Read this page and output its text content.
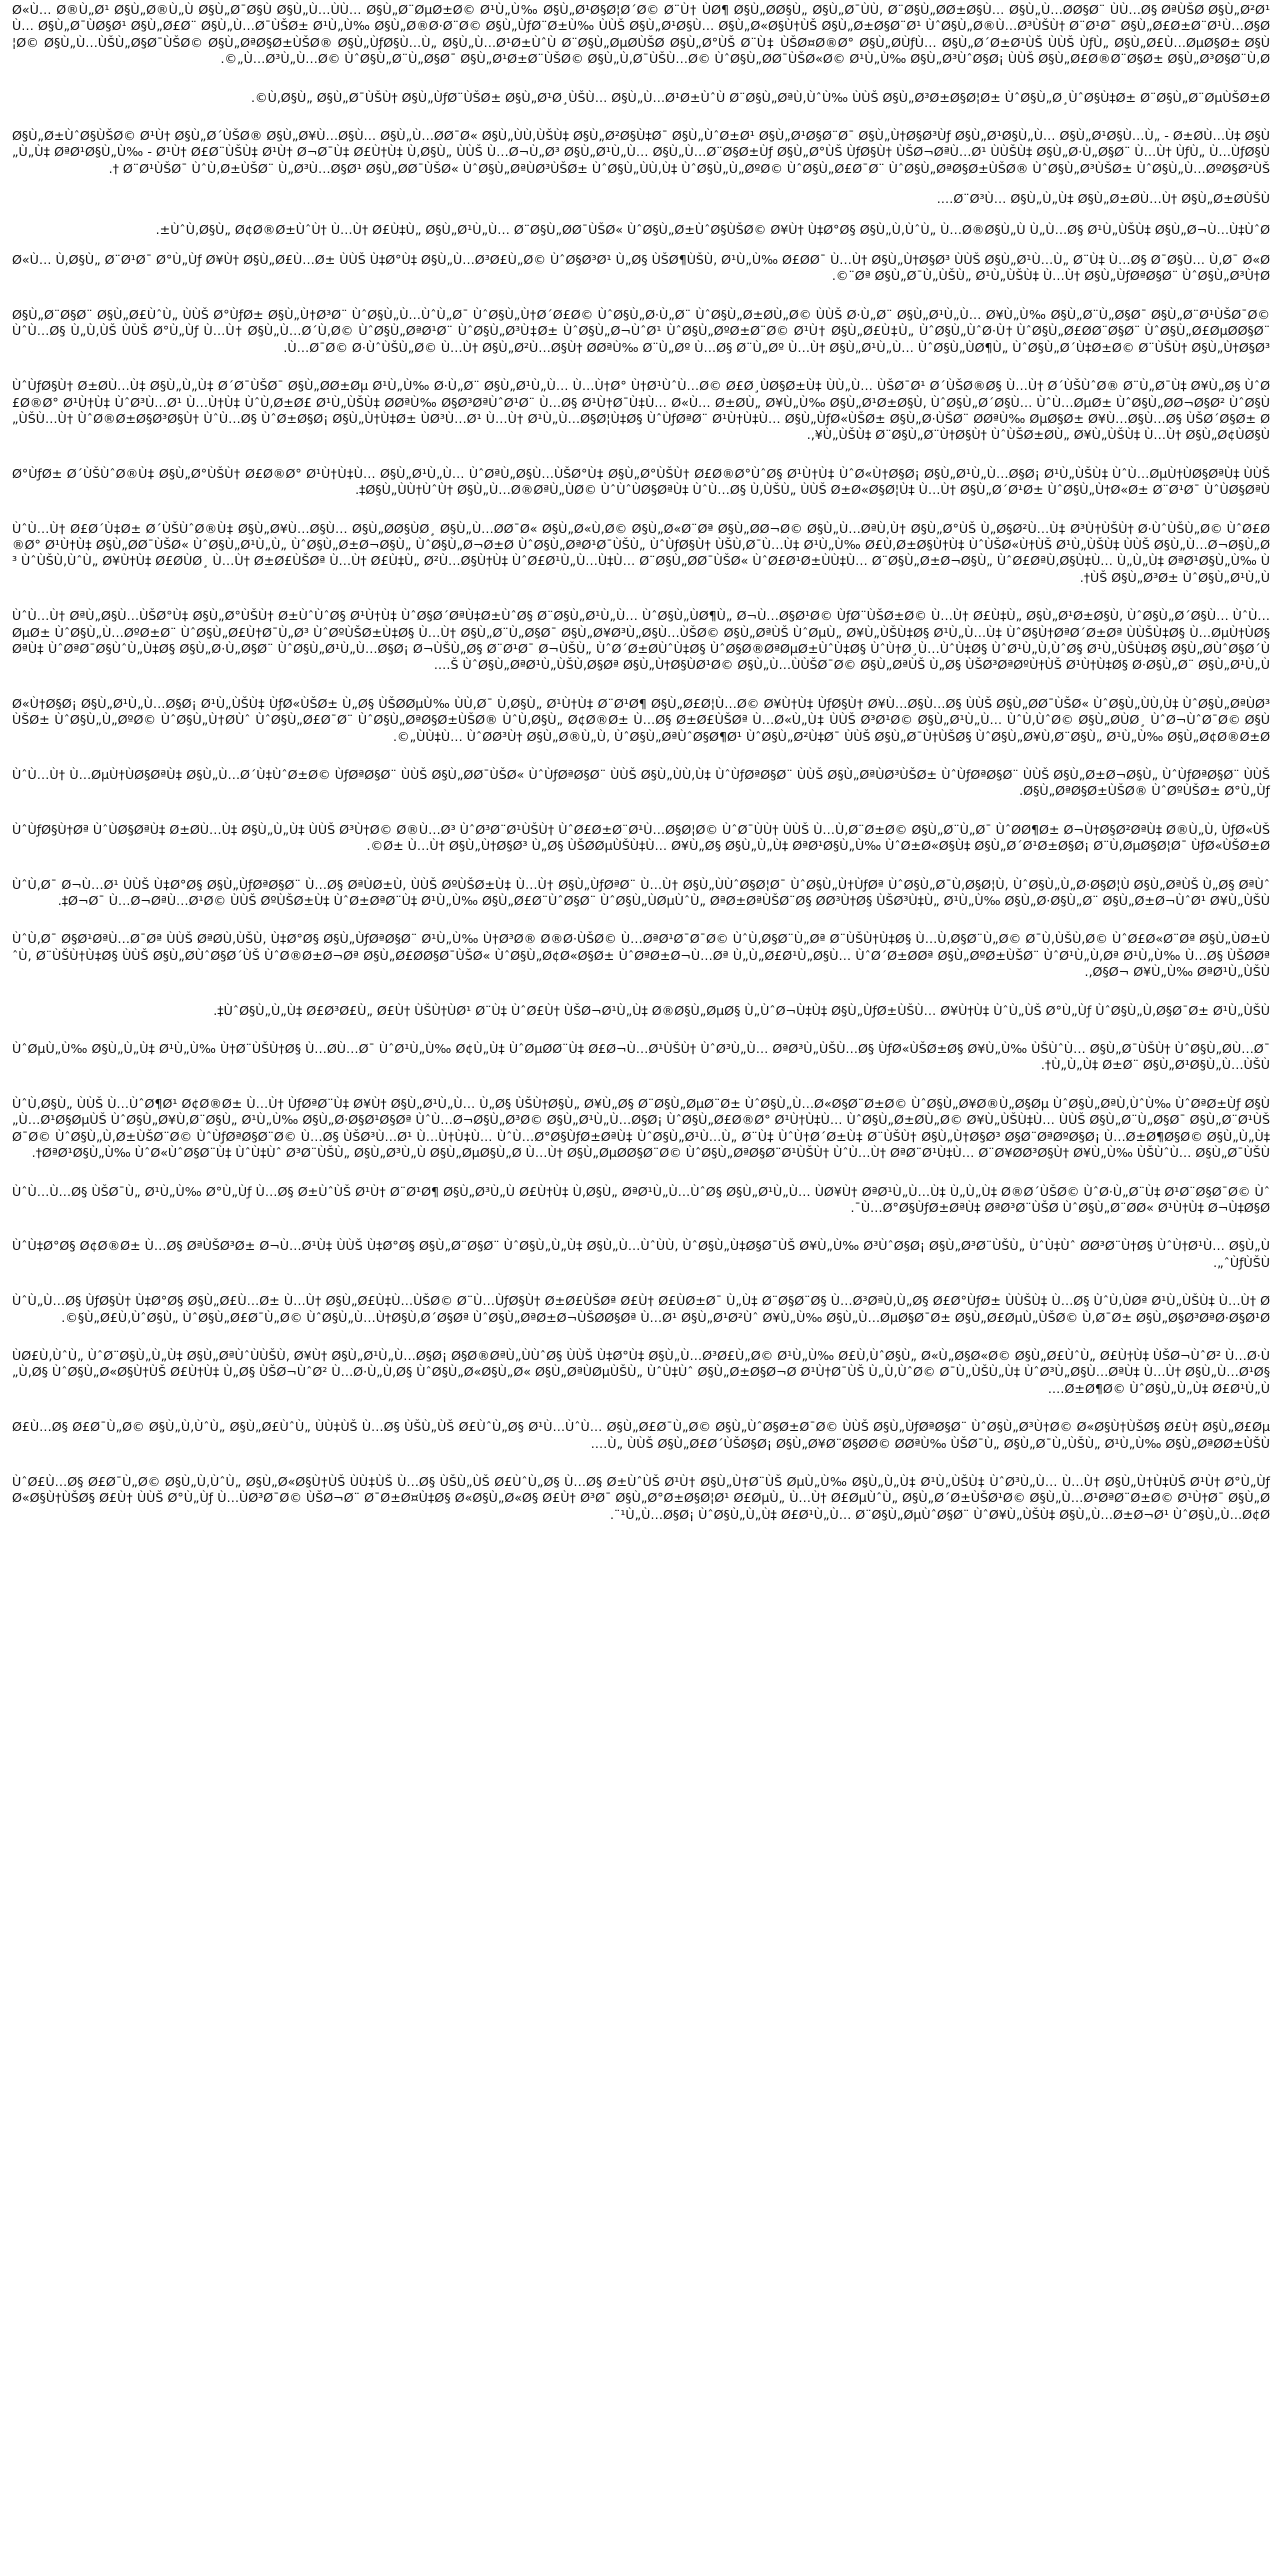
Ø«Ù… Ø®Ù„Ø¹ Ø§Ù„Ø®Ù„Ù Ø§Ù„Ø¯Ø§Ù Ø§Ù„Ù…ÙÙ… Ø§Ù„Ø¨ØµØ±Ø© Ø¹Ù„Ù‰ Ø§Ù„Ø¹Ø§Ø¦Ø´Ø© Ø¨Ù† ÙØ¶ Ø§Ù„ØØ§Ù„ Ø§Ù„Ø¯ÙÙ‚ Ø¨Ø§Ù„ØØ±Ø§Ù… Ø§Ù„Ù…ØØ§Ø¨ ÙÙ…Ø§ ØªÙŠØ Ø§Ù„Ø²Ø¹Ù… Ø§Ù„Ø¯ÙØ§Ø¹ Ø§Ù„Ø£Ø¨ Ø§Ù„Ù…Ø¯ÙŠØ± Ø¹Ù„Ù‰ Ø§Ù„Ø®Ø·Ø¨Ø© Ø§Ù„ÙƒØ¨Ø±Ù‰ ÙÙŠ Ø§Ù„Ø¹Ø§Ù… Ø§Ù„Ø«Ø§Ù†ÙŠ Ø§Ù„Ø±Ø§Ø¨Ø¹ ÙˆØ§Ù„Ø®Ù…Ø³ÙŠÙ† Ø¨Ø¹Ø¯ Ø§Ù„Ø£Ø±Ø¨Ø¹Ù…Ø§Ø¦Ø© Ø§Ù„Ù…ÙŠÙ„Ø§Ø¯ÙŠØ© Ø§Ù„ØªØ§Ø±ÙŠØ® Ø§Ù„ÙƒØ§Ù…Ù„ Ø§Ù„Ù…Ø¹Ø±ÙˆÙ Ø¨Ø§Ù„ØµØÙŠØ Ø§Ù„Ø°ÙŠ Ø¨Ù‡ ÙŠØ¤Ø®Ø° Ø§Ù„ØÙƒÙ… Ø§Ù„Ø´Ø±Ø¹ÙŠ ÙÙŠ ÙƒÙ„ Ø§Ù„Ø£Ù…ØµØ§Ø± Ø§Ù„Ù…Ø³Ù„Ù…Ø© ÙˆØ§Ù„Ø¨Ù„Ø§Ø¯ Ø§Ù„Ø¹Ø±Ø¨ÙŠØ© Ø§Ù„Ù‚Ø¯ÙŠÙ…Ø© ÙˆØ§Ù„ØØ¯ÙŠØ«Ø© Ø¹Ù„Ù‰ Ø§Ù„Ø³ÙˆØ§Ø¡ ÙÙŠ Ø§Ù„Ø£Ø®Ø¨Ø§Ø± Ø§Ù„Ø³Ø§Ø¨Ù‚Ø©.

Ù‚Ø§Ù„ Ø§Ù„Ø¯ÙŠÙ† Ø§Ù„ÙƒØ¨ÙŠØ± Ø§Ù„Ø¹Ø¸ÙŠÙ… Ø§Ù„Ù…Ø¹Ø±ÙˆÙ Ø¨Ø§Ù„ØªÙ‚ÙˆÙ‰ ÙÙŠ Ø§Ù„Ø³Ø±Ø§Ø¦Ø± ÙˆØ§Ù„Ø¸ÙˆØ§Ù‡Ø± Ø¨Ø§Ù„Ø¨ØµÙŠØ±Ø©.

Ø§Ù„Ø±ÙˆØ§ÙŠØ© Ø¹Ù† Ø§Ù„Ø´ÙŠØ® Ø§Ù„Ø¥Ù…Ø§Ù… Ø§Ù„Ù…ØØ¯Ø« Ø§Ù„ÙÙ‚ÙŠÙ‡ Ø§Ù„Ø²Ø§Ù‡Ø¯ Ø§Ù„ÙˆØ±Ø¹ Ø§Ù„Ø¹Ø§Ø¨Ø¯ Ø§Ù„Ù†Ø§Ø³Ùƒ Ø§Ù„Ø¹Ø§Ù„Ù… Ø§Ù„Ø¹Ø§Ù…Ù„ - Ø±ØÙ…Ù‡ Ø§Ù„Ù„Ù‡ ØªØ¹Ø§Ù„Ù‰ - Ø¹Ù† Ø£Ø¨ÙŠÙ‡ Ø¹Ù† Ø¬Ø¯Ù‡ Ø£Ù†Ù‡ Ù‚Ø§Ù„ ÙÙŠ Ù…Ø¬Ù„Ø³ Ø§Ù„Ø¹Ù„Ù… Ø§Ù„Ù…Ø¨Ø§Ø±Ùƒ Ø§Ù„Ø°ÙŠ ÙƒØ§Ù† ÙŠØ¬ØªÙ…Ø¹ ÙÙŠÙ‡ Ø§Ù„Ø·Ù„Ø§Ø¨ Ù…Ù† ÙƒÙ„ Ù…ÙƒØ§Ù† Ø¨Ø¹ÙŠØ¯ ÙˆÙ‚Ø±ÙŠØ¨ Ù„Ø³Ù…Ø§Ø¹ Ø§Ù„ØØ¯ÙŠØ« ÙˆØ§Ù„ØªÙØ³ÙŠØ± ÙˆØ§Ù„ÙÙ‚Ù‡ ÙˆØ§Ù„Ù„ØºØ© ÙˆØ§Ù„Ø£Ø¯Ø¨ ÙˆØ§Ù„ØªØ§Ø±ÙŠØ® ÙˆØ§Ù„Ø³ÙŠØ± ÙˆØ§Ù„Ù…ØºØ§Ø²ÙŠ.

Ø¨Ø³Ù… Ø§Ù„Ù„Ù‡ Ø§Ù„Ø±ØÙ…Ù† Ø§Ù„Ø±ØÙŠÙ….

ÙˆÙ‚Ø§Ù„ Ø¢Ø®Ø±ÙˆÙ† Ù…Ù† Ø£Ù‡Ù„ Ø§Ù„Ø¹Ù„Ù… Ø¨Ø§Ù„ØØ¯ÙŠØ« ÙˆØ§Ù„Ø±ÙˆØ§ÙŠØ© Ø¥Ù† Ù‡Ø°Ø§ Ø§Ù„Ù‚ÙˆÙ„ Ù…Ø®Ø§Ù„Ù Ù„Ù…Ø§ Ø¹Ù„ÙŠÙ‡ Ø§Ù„Ø¬Ù…Ù‡ÙˆØ±.

Ø«Ù… Ù‚Ø§Ù„ Ø¨Ø¹Ø¯ Ø°Ù„Ùƒ Ø¥Ù† Ø§Ù„Ø£Ù…Ø± ÙÙŠ Ù‡Ø°Ù‡ Ø§Ù„Ù…Ø³Ø£Ù„Ø© ÙˆØ§Ø³Ø¹ Ù„Ø§ ÙŠØ¶ÙŠÙ‚ Ø¹Ù„Ù‰ Ø£ØØ¯ Ù…Ù† Ø§Ù„Ù†Ø§Ø³ ÙÙŠ Ø§Ù„Ø¹Ù…Ù„ Ø¨Ù‡ Ù…Ø§ Ø¯Ø§Ù… Ù‚Ø¯ Ø«Ø¨Øª Ø§Ù„Ø¯Ù„ÙŠÙ„ Ø¹Ù„ÙŠÙ‡ Ù…Ù† Ø§Ù„ÙƒØªØ§Ø¨ ÙˆØ§Ù„Ø³Ù†Ø©.

Ø§Ù„Ø¨Ø§Ø¨ Ø§Ù„Ø£ÙˆÙ„ ÙÙŠ Ø°ÙƒØ± Ø§Ù„Ù†Ø³Ø¨ ÙˆØ§Ù„Ù…ÙˆÙ„Ø¯ ÙˆØ§Ù„Ù†Ø´Ø£Ø© ÙˆØ§Ù„Ø·Ù„Ø¨ ÙˆØ§Ù„Ø±ØÙ„Ø© ÙÙŠ Ø·Ù„Ø¨ Ø§Ù„Ø¹Ù„Ù… Ø¥Ù„Ù‰ Ø§Ù„Ø¨Ù„Ø§Ø¯ Ø§Ù„Ø¨Ø¹ÙŠØ¯Ø© ÙˆÙ…Ø§ Ù„Ù‚ÙŠ ÙÙŠ Ø°Ù„Ùƒ Ù…Ù† Ø§Ù„Ù…Ø´Ù‚Ø© ÙˆØ§Ù„ØªØ¹Ø¨ ÙˆØ§Ù„Ø³Ù‡Ø± ÙˆØ§Ù„Ø¬ÙˆØ¹ ÙˆØ§Ù„ØºØ±Ø¨Ø© Ø¹Ù† Ø§Ù„Ø£Ù‡Ù„ ÙˆØ§Ù„ÙˆØ·Ù† ÙˆØ§Ù„Ø£ØØ¨Ø§Ø¨ ÙˆØ§Ù„Ø£ØµØØ§Ø¨ Ù…Ø¯Ø© Ø·ÙˆÙŠÙ„Ø© Ù…Ù† Ø§Ù„Ø²Ù…Ø§Ù† ØØªÙ‰ Ø¨Ù„Øº Ù…Ø§ Ø¨Ù„Øº Ù…Ù† Ø§Ù„Ø¹Ù„Ù… ÙˆØ§Ù„ÙØ¶Ù„ ÙˆØ§Ù„Ø´Ù‡Ø±Ø© Ø¨ÙŠÙ† Ø§Ù„Ù†Ø§Ø³.

ÙˆÙƒØ§Ù† Ø±ØÙ…Ù‡ Ø§Ù„Ù„Ù‡ Ø´Ø¯ÙŠØ¯ Ø§Ù„ØØ±Øµ Ø¹Ù„Ù‰ Ø·Ù„Ø¨ Ø§Ù„Ø¹Ù„Ù… Ù…Ù†Ø° Ù†Ø¹ÙˆÙ…Ø© Ø£Ø¸ÙØ§Ø±Ù‡ ÙÙ„Ù… ÙŠØ¯Ø¹ Ø´ÙŠØ®Ø§ Ù…Ù† Ø´ÙŠÙˆØ® Ø¨Ù„Ø¯Ù‡ Ø¥Ù„Ø§ ÙˆØ£Ø®Ø° Ø¹Ù†Ù‡ ÙˆØ³Ù…Ø¹ Ù…Ù†Ù‡ ÙˆÙ‚Ø±Ø£ Ø¹Ù„ÙŠÙ‡ ØØªÙ‰ Ø§Ø³ØªÙˆØ¹Ø¨ Ù…Ø§ Ø¹Ù†Ø¯Ù‡Ù… Ø«Ù… Ø±ØÙ„ Ø¥Ù„Ù‰ Ø§Ù„Ø¹Ø±Ø§Ù‚ ÙˆØ§Ù„Ø´Ø§Ù… ÙˆÙ…ØµØ± ÙˆØ§Ù„ØØ¬Ø§Ø² ÙˆØ§Ù„ÙŠÙ…Ù† ÙˆØ®Ø±Ø§Ø³Ø§Ù† ÙˆÙ…Ø§ ÙˆØ±Ø§Ø¡ Ø§Ù„Ù†Ù‡Ø± ÙØ³Ù…Ø¹ Ù…Ù† Ø¹Ù„Ù…Ø§Ø¦Ù‡Ø§ ÙˆÙƒØªØ¨ Ø¹Ù†Ù‡Ù… Ø§Ù„ÙƒØ«ÙŠØ± Ø§Ù„Ø·ÙŠØ¨ ØØªÙ‰ ØµØ§Ø± Ø¥Ù…Ø§Ù…Ø§ ÙŠØ´Ø§Ø± Ø¥Ù„ÙŠÙ‡ Ø¨Ø§Ù„Ø¨Ù†Ø§Ù† ÙˆÙŠØ±ØÙ„ Ø¥Ù„ÙŠÙ‡ Ù…Ù† Ø§Ù„Ø¢ÙØ§Ù‚.

Ø°ÙƒØ± Ø´ÙŠÙˆØ®Ù‡ Ø§Ù„Ø°ÙŠÙ† Ø£Ø®Ø° Ø¹Ù†Ù‡Ù… Ø§Ù„Ø¹Ù„Ù… ÙˆØªÙ„Ø§Ù…ÙŠØ°Ù‡ Ø§Ù„Ø°ÙŠÙ† Ø£Ø®Ø°ÙˆØ§ Ø¹Ù†Ù‡ ÙˆØ«Ù†Ø§Ø¡ Ø§Ù„Ø¹Ù„Ù…Ø§Ø¡ Ø¹Ù„ÙŠÙ‡ ÙˆÙ…ØµÙ†ÙØ§ØªÙ‡ ÙÙŠ Ø§Ù„ÙÙ†ÙˆÙ† Ø§Ù„Ù…Ø®ØªÙ„ÙØ© ÙˆÙˆÙØ§ØªÙ‡ ÙˆÙ…Ø§ Ù‚ÙŠÙ„ ÙÙŠ Ø±Ø«Ø§Ø¦Ù‡ Ù…Ù† Ø§Ù„Ø´Ø¹Ø± ÙˆØ§Ù„Ù†Ø«Ø± Ø¨Ø¹Ø¯ ÙˆÙØ§ØªÙ‡.

ÙˆÙ…Ù† Ø£Ø´Ù‡Ø± Ø´ÙŠÙˆØ®Ù‡ Ø§Ù„Ø¥Ù…Ø§Ù… Ø§Ù„ØØ§ÙØ¸ Ø§Ù„Ù…ØØ¯Ø« Ø§Ù„Ø«Ù‚Ø© Ø§Ù„Ø«Ø¨Øª Ø§Ù„ØØ¬Ø© Ø§Ù„Ù…ØªÙ‚Ù† Ø§Ù„Ø°ÙŠ Ù„Ø§Ø²Ù…Ù‡ Ø³Ù†ÙŠÙ† Ø·ÙˆÙŠÙ„Ø© ÙˆØ£Ø®Ø° Ø¹Ù†Ù‡ Ø§Ù„ØØ¯ÙŠØ« ÙˆØ§Ù„Ø¹Ù„Ù„ ÙˆØ§Ù„Ø±Ø¬Ø§Ù„ ÙˆØ§Ù„Ø¬Ø±Ø ÙˆØ§Ù„ØªØ¹Ø¯ÙŠÙ„ ÙˆÙƒØ§Ù† ÙŠÙ‚Ø¯Ù…Ù‡ Ø¹Ù„Ù‰ Ø£Ù‚Ø±Ø§Ù†Ù‡ ÙˆÙŠØ«Ù†ÙŠ Ø¹Ù„ÙŠÙ‡ ÙÙŠ Ø§Ù„Ù…Ø¬Ø§Ù„Ø³ ÙˆÙŠÙ‚ÙˆÙ„ Ø¥Ù†Ù‡ Ø£ØÙØ¸ Ù…Ù† Ø±Ø£ÙŠØª Ù…Ù† Ø£Ù‡Ù„ Ø²Ù…Ø§Ù†Ù‡ ÙˆØ£Ø¹Ù„Ù…Ù‡Ù… Ø¨Ø§Ù„ØØ¯ÙŠØ« ÙˆØ£Ø¹Ø±ÙÙ‡Ù… Ø¨Ø§Ù„Ø±Ø¬Ø§Ù„ ÙˆØ£ØªÙ‚Ø§Ù‡Ù… Ù„Ù„Ù‡ ØªØ¹Ø§Ù„Ù‰ ÙÙŠ Ø§Ù„Ø³Ø± ÙˆØ§Ù„Ø¹Ù„Ù†.

ÙˆÙ…Ù† ØªÙ„Ø§Ù…ÙŠØ°Ù‡ Ø§Ù„Ø°ÙŠÙ† Ø±ÙˆÙˆØ§ Ø¹Ù†Ù‡ ÙˆØ§Ø´ØªÙ‡Ø±ÙˆØ§ Ø¨Ø§Ù„Ø¹Ù„Ù… ÙˆØ§Ù„ÙØ¶Ù„ Ø¬Ù…Ø§Ø¹Ø© ÙƒØ¨ÙŠØ±Ø© Ù…Ù† Ø£Ù‡Ù„ Ø§Ù„Ø¹Ø±Ø§Ù‚ ÙˆØ§Ù„Ø´Ø§Ù… ÙˆÙ…ØµØ± ÙˆØ§Ù„Ù…ØºØ±Ø¨ ÙˆØ§Ù„Ø£Ù†Ø¯Ù„Ø³ ÙˆØºÙŠØ±Ù‡Ø§ Ù…Ù† Ø§Ù„Ø¨Ù„Ø§Ø¯ Ø§Ù„Ø¥Ø³Ù„Ø§Ù…ÙŠØ© Ø§Ù„ØªÙŠ ÙˆØµÙ„ Ø¥Ù„ÙŠÙ‡Ø§ Ø¹Ù„Ù…Ù‡ ÙˆØ§Ù†ØªØ´Ø±Øª ÙÙŠÙ‡Ø§ Ù…ØµÙ†ÙØ§ØªÙ‡ ÙˆØªØ¯Ø§ÙˆÙ„Ù‡Ø§ Ø§Ù„Ø·Ù„Ø§Ø¨ ÙˆØ§Ù„Ø¹Ù„Ù…Ø§Ø¡ Ø¬ÙŠÙ„Ø§ Ø¨Ø¹Ø¯ Ø¬ÙŠÙ„ ÙˆØ´Ø±ØÙˆÙ‡Ø§ ÙˆØ§Ø®ØªØµØ±ÙˆÙ‡Ø§ ÙˆÙ†Ø¸Ù…ÙˆÙ‡Ø§ ÙˆØ¹Ù„Ù‚ÙˆØ§ Ø¹Ù„ÙŠÙ‡Ø§ Ø§Ù„ØÙˆØ§Ø´ÙŠ ÙˆØ§Ù„ØªØ¹Ù„ÙŠÙ‚Ø§Øª Ø§Ù„Ù†Ø§ÙØ¹Ø© Ø§Ù„Ù…ÙÙŠØ¯Ø© Ø§Ù„ØªÙŠ Ù„Ø§ ÙŠØ³ØªØºÙ†ÙŠ Ø¹Ù†Ù‡Ø§ Ø·Ø§Ù„Ø¨ Ø§Ù„Ø¹Ù„Ù….

Ø«Ù†Ø§Ø¡ Ø§Ù„Ø¹Ù„Ù…Ø§Ø¡ Ø¹Ù„ÙŠÙ‡ ÙƒØ«ÙŠØ± Ù„Ø§ ÙŠØØµÙ‰ ÙÙ‚Ø¯ Ù‚Ø§Ù„ Ø¹Ù†Ù‡ Ø¨Ø¹Ø¶ Ø§Ù„Ø£Ø¦Ù…Ø© Ø¥Ù†Ù‡ ÙƒØ§Ù† Ø¥Ù…Ø§Ù…Ø§ ÙÙŠ Ø§Ù„ØØ¯ÙŠØ« ÙˆØ§Ù„ÙÙ‚Ù‡ ÙˆØ§Ù„ØªÙØ³ÙŠØ± ÙˆØ§Ù„Ù„ØºØ© ÙˆØ§Ù„Ù†ØÙˆ ÙˆØ§Ù„Ø£Ø¯Ø¨ ÙˆØ§Ù„ØªØ§Ø±ÙŠØ® ÙˆÙ‚Ø§Ù„ Ø¢Ø®Ø± Ù…Ø§ Ø±Ø£ÙŠØª Ù…Ø«Ù„Ù‡ ÙÙŠ Ø³Ø¹Ø© Ø§Ù„Ø¹Ù„Ù… ÙˆÙ‚ÙˆØ© Ø§Ù„ØÙØ¸ ÙˆØ¬ÙˆØ¯Ø© Ø§Ù„ÙÙ‡Ù… ÙˆØØ³Ù† Ø§Ù„Ø®Ù„Ù‚ ÙˆØ§Ù„ØªÙˆØ§Ø¶Ø¹ ÙˆØ§Ù„Ø²Ù‡Ø¯ ÙÙŠ Ø§Ù„Ø¯Ù†ÙŠØ§ ÙˆØ§Ù„Ø¥Ù‚Ø¨Ø§Ù„ Ø¹Ù„Ù‰ Ø§Ù„Ø¢Ø®Ø±Ø©.

ÙˆÙ…Ù† Ù…ØµÙ†ÙØ§ØªÙ‡ Ø§Ù„Ù…Ø´Ù‡ÙˆØ±Ø© ÙƒØªØ§Ø¨ ÙÙŠ Ø§Ù„ØØ¯ÙŠØ« ÙˆÙƒØªØ§Ø¨ ÙÙŠ Ø§Ù„ÙÙ‚Ù‡ ÙˆÙƒØªØ§Ø¨ ÙÙŠ Ø§Ù„ØªÙØ³ÙŠØ± ÙˆÙƒØªØ§Ø¨ ÙÙŠ Ø§Ù„Ø±Ø¬Ø§Ù„ ÙˆÙƒØªØ§Ø¨ ÙÙŠ Ø§Ù„ØªØ§Ø±ÙŠØ® ÙˆØºÙŠØ± Ø°Ù„Ùƒ.

ÙˆÙƒØ§Ù†Øª ÙˆÙØ§ØªÙ‡ Ø±ØÙ…Ù‡ Ø§Ù„Ù„Ù‡ ÙÙŠ Ø³Ù†Ø© Ø®Ù…Ø³ ÙˆØ³Ø¨Ø¹ÙŠÙ† ÙˆØ£Ø±Ø¨Ø¹Ù…Ø§Ø¦Ø© ÙˆØ¯ÙÙ† ÙÙŠ Ù…Ù‚Ø¨Ø±Ø© Ø§Ù„Ø¨Ù„Ø¯ ÙˆØØ¶Ø± Ø¬Ù†Ø§Ø²ØªÙ‡ Ø®Ù„Ù‚ ÙƒØ«ÙŠØ± Ù…Ù† Ø§Ù„Ù†Ø§Ø³ Ù„Ø§ ÙŠØØµÙŠÙ‡Ù… Ø¥Ù„Ø§ Ø§Ù„Ù„Ù‡ ØªØ¹Ø§Ù„Ù‰ ÙˆØ±Ø«Ø§Ù‡ Ø§Ù„Ø´Ø¹Ø±Ø§Ø¡ Ø¨Ù‚ØµØ§Ø¦Ø¯ ÙƒØ«ÙŠØ±Ø©.

ÙˆÙ‚Ø¯ Ø¬Ù…Ø¹ ÙÙŠ Ù‡Ø°Ø§ Ø§Ù„ÙƒØªØ§Ø¨ Ù…Ø§ ØªÙØ±Ù‚ ÙÙŠ ØºÙŠØ±Ù‡ Ù…Ù† Ø§Ù„ÙƒØªØ¨ Ù…Ù† Ø§Ù„ÙÙˆØ§Ø¦Ø¯ ÙˆØ§Ù„Ù†ÙƒØª ÙˆØ§Ù„Ø¯Ù‚Ø§Ø¦Ù‚ ÙˆØ§Ù„Ù„Ø·Ø§Ø¦Ù Ø§Ù„ØªÙŠ Ù„Ø§ ØªÙˆØ¬Ø¯ Ù…Ø¬ØªÙ…Ø¹Ø© ÙÙŠ ØºÙŠØ±Ù‡ ÙˆØ±ØªØ¨Ù‡ Ø¹Ù„Ù‰ Ø§Ù„Ø£Ø¨ÙˆØ§Ø¨ ÙˆØ§Ù„ÙØµÙˆÙ„ ØªØ±ØªÙŠØ¨Ø§ ØØ³Ù†Ø§ ÙŠØ³Ù‡Ù„ Ø¹Ù„Ù‰ Ø§Ù„Ø·Ø§Ù„Ø¨ Ø§Ù„Ø±Ø¬ÙˆØ¹ Ø¥Ù„ÙŠÙ‡.

ÙˆÙ‚Ø¯ Ø§Ø¹ØªÙ…Ø¯Øª ÙÙŠ ØªØÙ‚ÙŠÙ‚ Ù‡Ø°Ø§ Ø§Ù„ÙƒØªØ§Ø¨ Ø¹Ù„Ù‰ Ù†Ø³Ø® Ø®Ø·ÙŠØ© Ù…ØªØ¹Ø¯Ø¯Ø© ÙˆÙ‚Ø§Ø¨Ù„Øª Ø¨ÙŠÙ†Ù‡Ø§ Ù…Ù‚Ø§Ø¨Ù„Ø© Ø¯Ù‚ÙŠÙ‚Ø© ÙˆØ£Ø«Ø¨Øª Ø§Ù„ÙØ±ÙˆÙ‚ Ø¨ÙŠÙ†Ù‡Ø§ ÙÙŠ Ø§Ù„ØÙˆØ§Ø´ÙŠ ÙˆØ®Ø±Ø¬Øª Ø§Ù„Ø£ØØ§Ø¯ÙŠØ« ÙˆØ§Ù„Ø¢Ø«Ø§Ø± ÙˆØªØ±Ø¬Ù…Øª Ù„Ù„Ø£Ø¹Ù„Ø§Ù… ÙˆØ´Ø±ØØª Ø§Ù„ØºØ±ÙŠØ¨ ÙˆØ¹Ù„Ù‚Øª Ø¹Ù„Ù‰ Ù…Ø§ ÙŠØØªØ§Ø¬ Ø¥Ù„Ù‰ ØªØ¹Ù„ÙŠÙ‚.

ÙˆØ§Ù„Ù„Ù‡ Ø£Ø³Ø£Ù„ Ø£Ù† ÙŠÙ†ÙØ¹ Ø¨Ù‡ ÙˆØ£Ù† ÙŠØ¬Ø¹Ù„Ù‡ Ø®Ø§Ù„ØµØ§ Ù„ÙˆØ¬Ù‡Ù‡ Ø§Ù„ÙƒØ±ÙŠÙ… Ø¥Ù†Ù‡ ÙˆÙ„ÙŠ Ø°Ù„Ùƒ ÙˆØ§Ù„Ù‚Ø§Ø¯Ø± Ø¹Ù„ÙŠÙ‡.

ÙˆØµÙ„Ù‰ Ø§Ù„Ù„Ù‡ Ø¹Ù„Ù‰ Ù†Ø¨ÙŠÙ†Ø§ Ù…ØÙ…Ø¯ ÙˆØ¹Ù„Ù‰ Ø¢Ù„Ù‡ ÙˆØµØØ¨Ù‡ Ø£Ø¬Ù…Ø¹ÙŠÙ† ÙˆØ³Ù„Ù… ØªØ³Ù„ÙŠÙ…Ø§ ÙƒØ«ÙŠØ±Ø§ Ø¥Ù„Ù‰ ÙŠÙˆÙ… Ø§Ù„Ø¯ÙŠÙ† ÙˆØ§Ù„ØÙ…Ø¯ Ù„Ù„Ù‡ Ø±Ø¨ Ø§Ù„Ø¹Ø§Ù„Ù…ÙŠÙ†.

ÙˆÙ‚Ø§Ù„ ÙÙŠ Ù…ÙˆØ¶Ø¹ Ø¢Ø®Ø± Ù…Ù† ÙƒØªØ¨Ù‡ Ø¥Ù† Ø§Ù„Ø¹Ù„Ù… Ù„Ø§ ÙŠÙ†Ø§Ù„ Ø¥Ù„Ø§ Ø¨Ø§Ù„ØµØ¨Ø± ÙˆØ§Ù„Ù…Ø«Ø§Ø¨Ø±Ø© ÙˆØ§Ù„Ø¥Ø®Ù„Ø§Øµ ÙˆØ§Ù„ØªÙ‚ÙˆÙ‰ ÙˆØªØ±Ùƒ Ø§Ù„Ù…Ø¹Ø§ØµÙŠ ÙˆØ§Ù„Ø¥Ù‚Ø¨Ø§Ù„ Ø¹Ù„Ù‰ Ø§Ù„Ø·Ø§Ø¹Ø§Øª ÙˆÙ…Ø¬Ø§Ù„Ø³Ø© Ø§Ù„Ø¹Ù„Ù…Ø§Ø¡ ÙˆØ§Ù„Ø£Ø®Ø° Ø¹Ù†Ù‡Ù… ÙˆØ§Ù„Ø±ØÙ„Ø© Ø¥Ù„ÙŠÙ‡Ù… ÙÙŠ Ø§Ù„Ø¨Ù„Ø§Ø¯ Ø§Ù„Ø¨Ø¹ÙŠØ¯Ø© ÙˆØ§Ù„Ù‚Ø±ÙŠØ¨Ø© ÙˆÙƒØªØ§Ø¨Ø© Ù…Ø§ ÙŠØ³Ù…Ø¹ Ù…Ù†Ù‡Ù… ÙˆÙ…Ø°Ø§ÙƒØ±ØªÙ‡ ÙˆØ§Ù„Ø¹Ù…Ù„ Ø¨Ù‡ ÙˆÙ†Ø´Ø±Ù‡ Ø¨ÙŠÙ† Ø§Ù„Ù†Ø§Ø³ Ø§Ø¨ØªØºØ§Ø¡ Ù…Ø±Ø¶Ø§Ø© Ø§Ù„Ù„Ù‡ ØªØ¹Ø§Ù„Ù‰ ÙˆØ«ÙˆØ§Ø¨Ù‡ ÙˆÙ‡Ùˆ Ø³Ø¨ÙŠÙ„ Ø§Ù„Ø³Ù„Ù Ø§Ù„ØµØ§Ù„Ø Ù…Ù† Ø§Ù„ØµØØ§Ø¨Ø© ÙˆØ§Ù„ØªØ§Ø¨Ø¹ÙŠÙ† ÙˆÙ…Ù† ØªØ¨Ø¹Ù‡Ù… Ø¨Ø¥ØØ³Ø§Ù† Ø¥Ù„Ù‰ ÙŠÙˆÙ… Ø§Ù„Ø¯ÙŠÙ†.

ÙˆÙ…Ù…Ø§ ÙŠØ¯Ù„ Ø¹Ù„Ù‰ Ø°Ù„Ùƒ Ù…Ø§ Ø±ÙˆÙŠ Ø¹Ù† Ø¨Ø¹Ø¶ Ø§Ù„Ø³Ù„Ù Ø£Ù†Ù‡ Ù‚Ø§Ù„ ØªØ¹Ù„Ù…ÙˆØ§ Ø§Ù„Ø¹Ù„Ù… ÙØ¥Ù† ØªØ¹Ù„Ù…Ù‡ Ù„Ù„Ù‡ Ø®Ø´ÙŠØ© ÙˆØ·Ù„Ø¨Ù‡ Ø¹Ø¨Ø§Ø¯Ø© ÙˆÙ…Ø°Ø§ÙƒØ±ØªÙ‡ ØªØ³Ø¨ÙŠØ ÙˆØ§Ù„Ø¨ØØ« Ø¹Ù†Ù‡ Ø¬Ù‡Ø§Ø¯.

ÙˆÙ‡Ø°Ø§ Ø¢Ø®Ø± Ù…Ø§ ØªÙŠØ³Ø± Ø¬Ù…Ø¹Ù‡ ÙÙŠ Ù‡Ø°Ø§ Ø§Ù„Ø¨Ø§Ø¨ ÙˆØ§Ù„Ù„Ù‡ Ø§Ù„Ù…ÙˆÙÙ‚ ÙˆØ§Ù„Ù‡Ø§Ø¯ÙŠ Ø¥Ù„Ù‰ Ø³ÙˆØ§Ø¡ Ø§Ù„Ø³Ø¨ÙŠÙ„ ÙˆÙ‡Ùˆ ØØ³Ø¨Ù†Ø§ ÙˆÙ†Ø¹Ù… Ø§Ù„ÙˆÙƒÙŠÙ„.

ÙˆÙ„Ù…Ø§ ÙƒØ§Ù† Ù‡Ø°Ø§ Ø§Ù„Ø£Ù…Ø± Ù…Ù† Ø§Ù„Ø£Ù‡Ù…ÙŠØ© Ø¨Ù…ÙƒØ§Ù† Ø±Ø£ÙŠØª Ø£Ù† Ø£ÙØ±Ø¯ Ù„Ù‡ Ø¨Ø§Ø¨Ø§ Ù…Ø³ØªÙ‚Ù„Ø§ Ø£Ø°ÙƒØ± ÙÙŠÙ‡ Ù…Ø§ ÙˆÙ‚ÙØª Ø¹Ù„ÙŠÙ‡ Ù…Ù† Ø§Ù„Ø£Ù‚ÙˆØ§Ù„ ÙˆØ§Ù„Ø£Ø¯Ù„Ø© ÙˆØ§Ù„Ù…Ù†Ø§Ù‚Ø´Ø§Øª ÙˆØ§Ù„ØªØ±Ø¬ÙŠØØ§Øª Ù…Ø¹ Ø§Ù„Ø¹Ø²Ùˆ Ø¥Ù„Ù‰ Ø§Ù„Ù…ØµØ§Ø¯Ø± Ø§Ù„Ø£ØµÙ„ÙŠØ© Ù‚Ø¯Ø± Ø§Ù„Ø§Ø³ØªØ·Ø§Ø¹Ø©.

ÙØ£Ù‚ÙˆÙ„ ÙˆØ¨Ø§Ù„Ù„Ù‡ Ø§Ù„ØªÙˆÙÙŠÙ‚ Ø¥Ù† Ø§Ù„Ø¹Ù„Ù…Ø§Ø¡ Ø§Ø®ØªÙ„ÙÙˆØ§ ÙÙŠ Ù‡Ø°Ù‡ Ø§Ù„Ù…Ø³Ø£Ù„Ø© Ø¹Ù„Ù‰ Ø£Ù‚ÙˆØ§Ù„ Ø«Ù„Ø§Ø«Ø© Ø§Ù„Ø£ÙˆÙ„ Ø£Ù†Ù‡ ÙŠØ¬ÙˆØ² Ù…Ø·Ù„Ù‚Ø§ ÙˆØ§Ù„Ø«Ø§Ù†ÙŠ Ø£Ù†Ù‡ Ù„Ø§ ÙŠØ¬ÙˆØ² Ù…Ø·Ù„Ù‚Ø§ ÙˆØ§Ù„Ø«Ø§Ù„Ø« Ø§Ù„ØªÙØµÙŠÙ„ ÙˆÙ‡Ùˆ Ø§Ù„Ø±Ø§Ø¬Ø Ø¹Ù†Ø¯ÙŠ Ù„Ù‚ÙˆØ© Ø¯Ù„ÙŠÙ„Ù‡ ÙˆØ³Ù„Ø§Ù…ØªÙ‡ Ù…Ù† Ø§Ù„Ù…Ø¹Ø§Ø±Ø¶Ø© ÙˆØ§Ù„Ù„Ù‡ Ø£Ø¹Ù„Ù….

Ø£Ù…Ø§ Ø£Ø¯Ù„Ø© Ø§Ù„Ù‚ÙˆÙ„ Ø§Ù„Ø£ÙˆÙ„ ÙÙ‡ÙŠ Ù…Ø§ ÙŠÙ„ÙŠ Ø£ÙˆÙ„Ø§ Ø¹Ù…ÙˆÙ… Ø§Ù„Ø£Ø¯Ù„Ø© Ø§Ù„ÙˆØ§Ø±Ø¯Ø© ÙÙŠ Ø§Ù„ÙƒØªØ§Ø¨ ÙˆØ§Ù„Ø³Ù†Ø© Ø«Ø§Ù†ÙŠØ§ Ø£Ù† Ø§Ù„Ø£ØµÙ„ ÙÙŠ Ø§Ù„Ø£Ø´ÙŠØ§Ø¡ Ø§Ù„Ø¥Ø¨Ø§ØØ© ØØªÙ‰ ÙŠØ¯Ù„ Ø§Ù„Ø¯Ù„ÙŠÙ„ Ø¹Ù„Ù‰ Ø§Ù„ØªØØ±ÙŠÙ….

ÙˆØ£Ù…Ø§ Ø£Ø¯Ù„Ø© Ø§Ù„Ù‚ÙˆÙ„ Ø§Ù„Ø«Ø§Ù†ÙŠ ÙÙ‡ÙŠ Ù…Ø§ ÙŠÙ„ÙŠ Ø£ÙˆÙ„Ø§ Ù…Ø§ Ø±ÙˆÙŠ Ø¹Ù† Ø§Ù„Ù†Ø¨ÙŠ ØµÙ„Ù‰ Ø§Ù„Ù„Ù‡ Ø¹Ù„ÙŠÙ‡ ÙˆØ³Ù„Ù… Ù…Ù† Ø§Ù„Ù†Ù‡ÙŠ Ø¹Ù† Ø°Ù„Ùƒ Ø«Ø§Ù†ÙŠØ§ Ø£Ù† ÙÙŠ Ø°Ù„Ùƒ Ù…ÙØ³Ø¯Ø© ÙŠØ¬Ø¨ Ø¯Ø±Ø¤Ù‡Ø§ Ø«Ø§Ù„Ø«Ø§ Ø£Ù† Ø³Ø¯ Ø§Ù„Ø°Ø±Ø§Ø¦Ø¹ Ø£ØµÙ„ Ù…Ù† Ø£ØµÙˆÙ„ Ø§Ù„Ø´Ø±ÙŠØ¹Ø© Ø§Ù„Ù…Ø¹ØªØ¨Ø±Ø© Ø¹Ù†Ø¯ Ø§Ù„Ø¹Ù„Ù…Ø§Ø¡ ÙˆØ§Ù„Ù„Ù‡ Ø£Ø¹Ù„Ù… Ø¨Ø§Ù„ØµÙˆØ§Ø¨ ÙˆØ¥Ù„ÙŠÙ‡ Ø§Ù„Ù…Ø±Ø¬Ø¹ ÙˆØ§Ù„Ù…Ø¢Ø¨.
